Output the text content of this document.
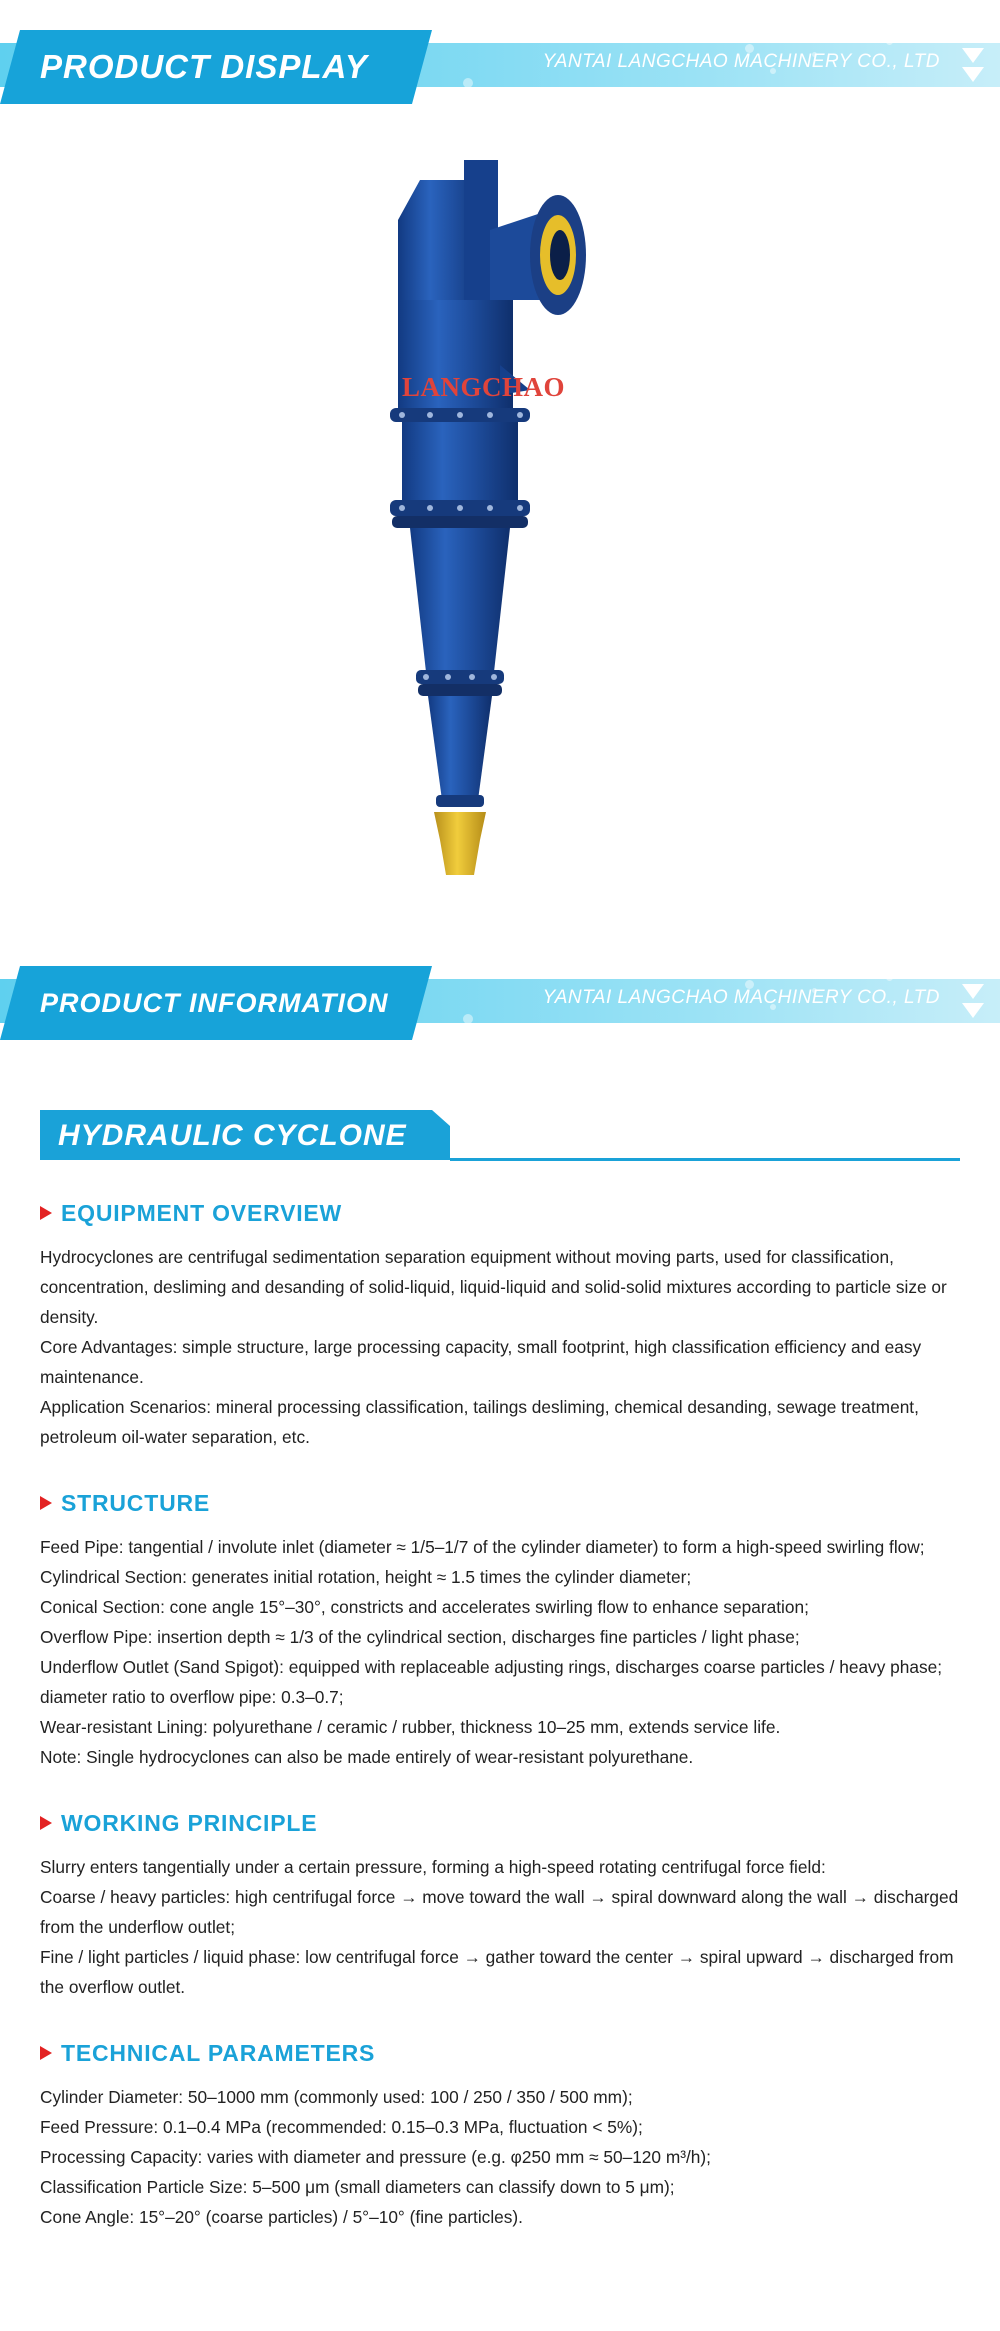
PRODUCT DISPLAY	YANTAI LANGCHAO MACHINERY CO., LTD
LANGCHAO
PRODUCT INFORMATION	YANTAI LANGCHAO MACHINERY CO., LTD
HYDRAULIC CYCLONE
EQUIPMENT OVERVIEW
Hydrocyclones are centrifugal sedimentation separation equipment without moving parts, used for classification, concentration, desliming and desanding of solid-liquid, liquid-liquid and solid-solid mixtures according to particle size or density.
Core Advantages: simple structure, large processing capacity, small footprint, high classification efficiency and easy maintenance.
Application Scenarios: mineral processing classification, tailings desliming, chemical desanding, sewage treatment, petroleum oil-water separation, etc.
STRUCTURE
Feed Pipe: tangential / involute inlet (diameter ≈ 1/5–1/7 of the cylinder diameter) to form a high-speed swirling flow;
Cylindrical Section: generates initial rotation, height ≈ 1.5 times the cylinder diameter;
Conical Section: cone angle 15°–30°, constricts and accelerates swirling flow to enhance separation;
Overflow Pipe: insertion depth ≈ 1/3 of the cylindrical section, discharges fine particles / light phase;
Underflow Outlet (Sand Spigot): equipped with replaceable adjusting rings, discharges coarse particles / heavy phase; diameter ratio to overflow pipe: 0.3–0.7;
Wear-resistant Lining: polyurethane / ceramic / rubber, thickness 10–25 mm, extends service life.
Note: Single hydrocyclones can also be made entirely of wear-resistant polyurethane.
WORKING PRINCIPLE
Slurry enters tangentially under a certain pressure, forming a high-speed rotating centrifugal force field:
Coarse / heavy particles: high centrifugal force → move toward the wall → spiral downward along the wall → discharged from the underflow outlet;
Fine / light particles / liquid phase: low centrifugal force → gather toward the center → spiral upward → discharged from the overflow outlet.
TECHNICAL PARAMETERS
Cylinder Diameter: 50–1000 mm (commonly used: 100 / 250 / 350 / 500 mm);
Feed Pressure: 0.1–0.4 MPa (recommended: 0.15–0.3 MPa, fluctuation < 5%);
Processing Capacity: varies with diameter and pressure (e.g. φ250 mm ≈ 50–120 m³/h);
Classification Particle Size: 5–500 μm (small diameters can classify down to 5 μm);
Cone Angle: 15°–20° (coarse particles) / 5°–10° (fine particles).
